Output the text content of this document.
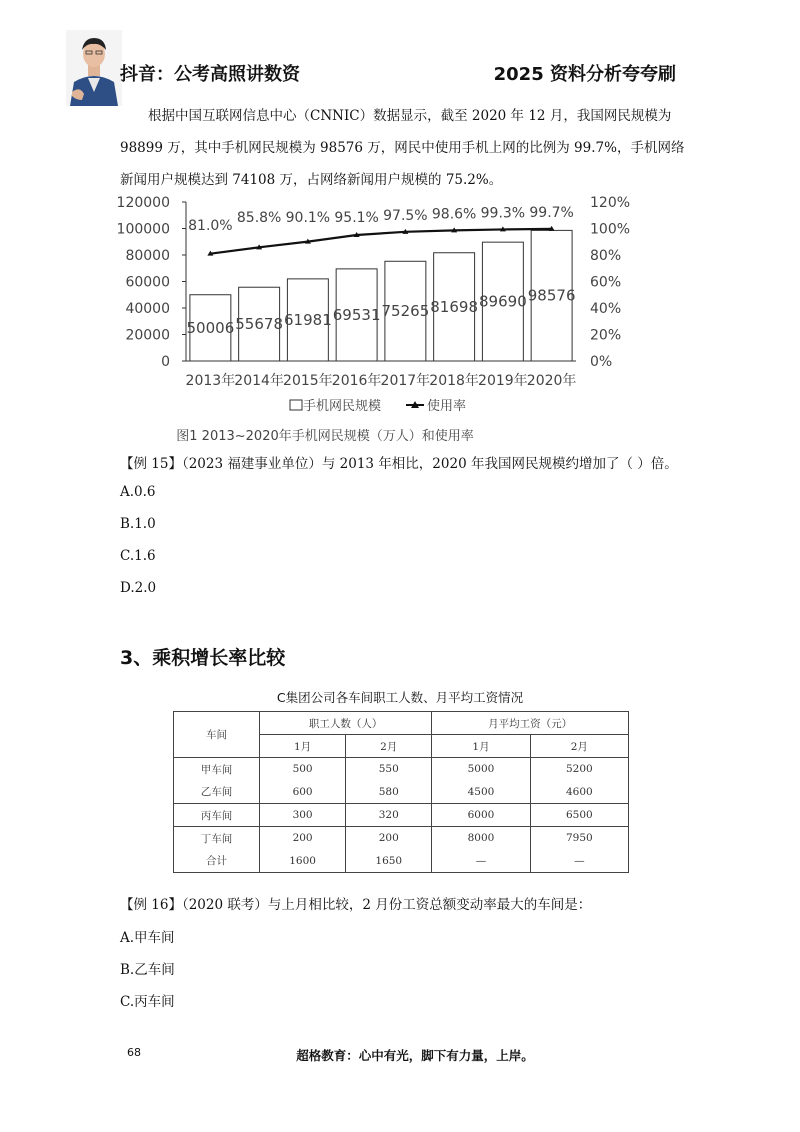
抖音：公考高照讲数资	2025 资料分析夸夸刷

根据中国互联网信息中心（CNNIC）数据显示，截至 2020 年 12 月，我国网民规模为 98899 万，其中手机网民规模为 98576 万，网民中使用手机上网的比例为 99.7%，手机网络新闻用户规模达到 74108 万，占网络新闻用户规模的 75.2%。

0
20000
40000
60000
80000
100000
120000
0%
20%
40%
60%
80%
100%
120%
50006 55678 61981 69531 75265 81698 89690 98576
2013年 2014年 2015年 2016年 2017年 2018年 2019年 2020年
81.0% 85.8% 90.1% 95.1% 97.5% 98.6% 99.3% 99.7%
手机网民规模	使用率
图1 2013~2020年手机网民规模（万人）和使用率
【例 15】（2023 福建事业单位）与 2013 年相比，2020 年我国网民规模约增加了（ ）倍。
A.0.6
B.1.0
C.1.6
D.2.0
3、乘积增长率比较
C集团公司各车间职工人数、月平均工资情况
车间	职工人数（人）		月平均工资（元）	
	1月	2月	1月	2月
甲车间	500	550	5000	5200
乙车间	600	580	4500	4600
丙车间	300	320	6000	6500
丁车间	200	200	8000	7950
合计	1600	1650	—	—
【例 16】（2020 联考）与上月相比较，2 月份工资总额变动率最大的车间是：
A.甲车间
B.乙车间
C.丙车间
68	超格教育：心中有光，脚下有力量，上岸。
